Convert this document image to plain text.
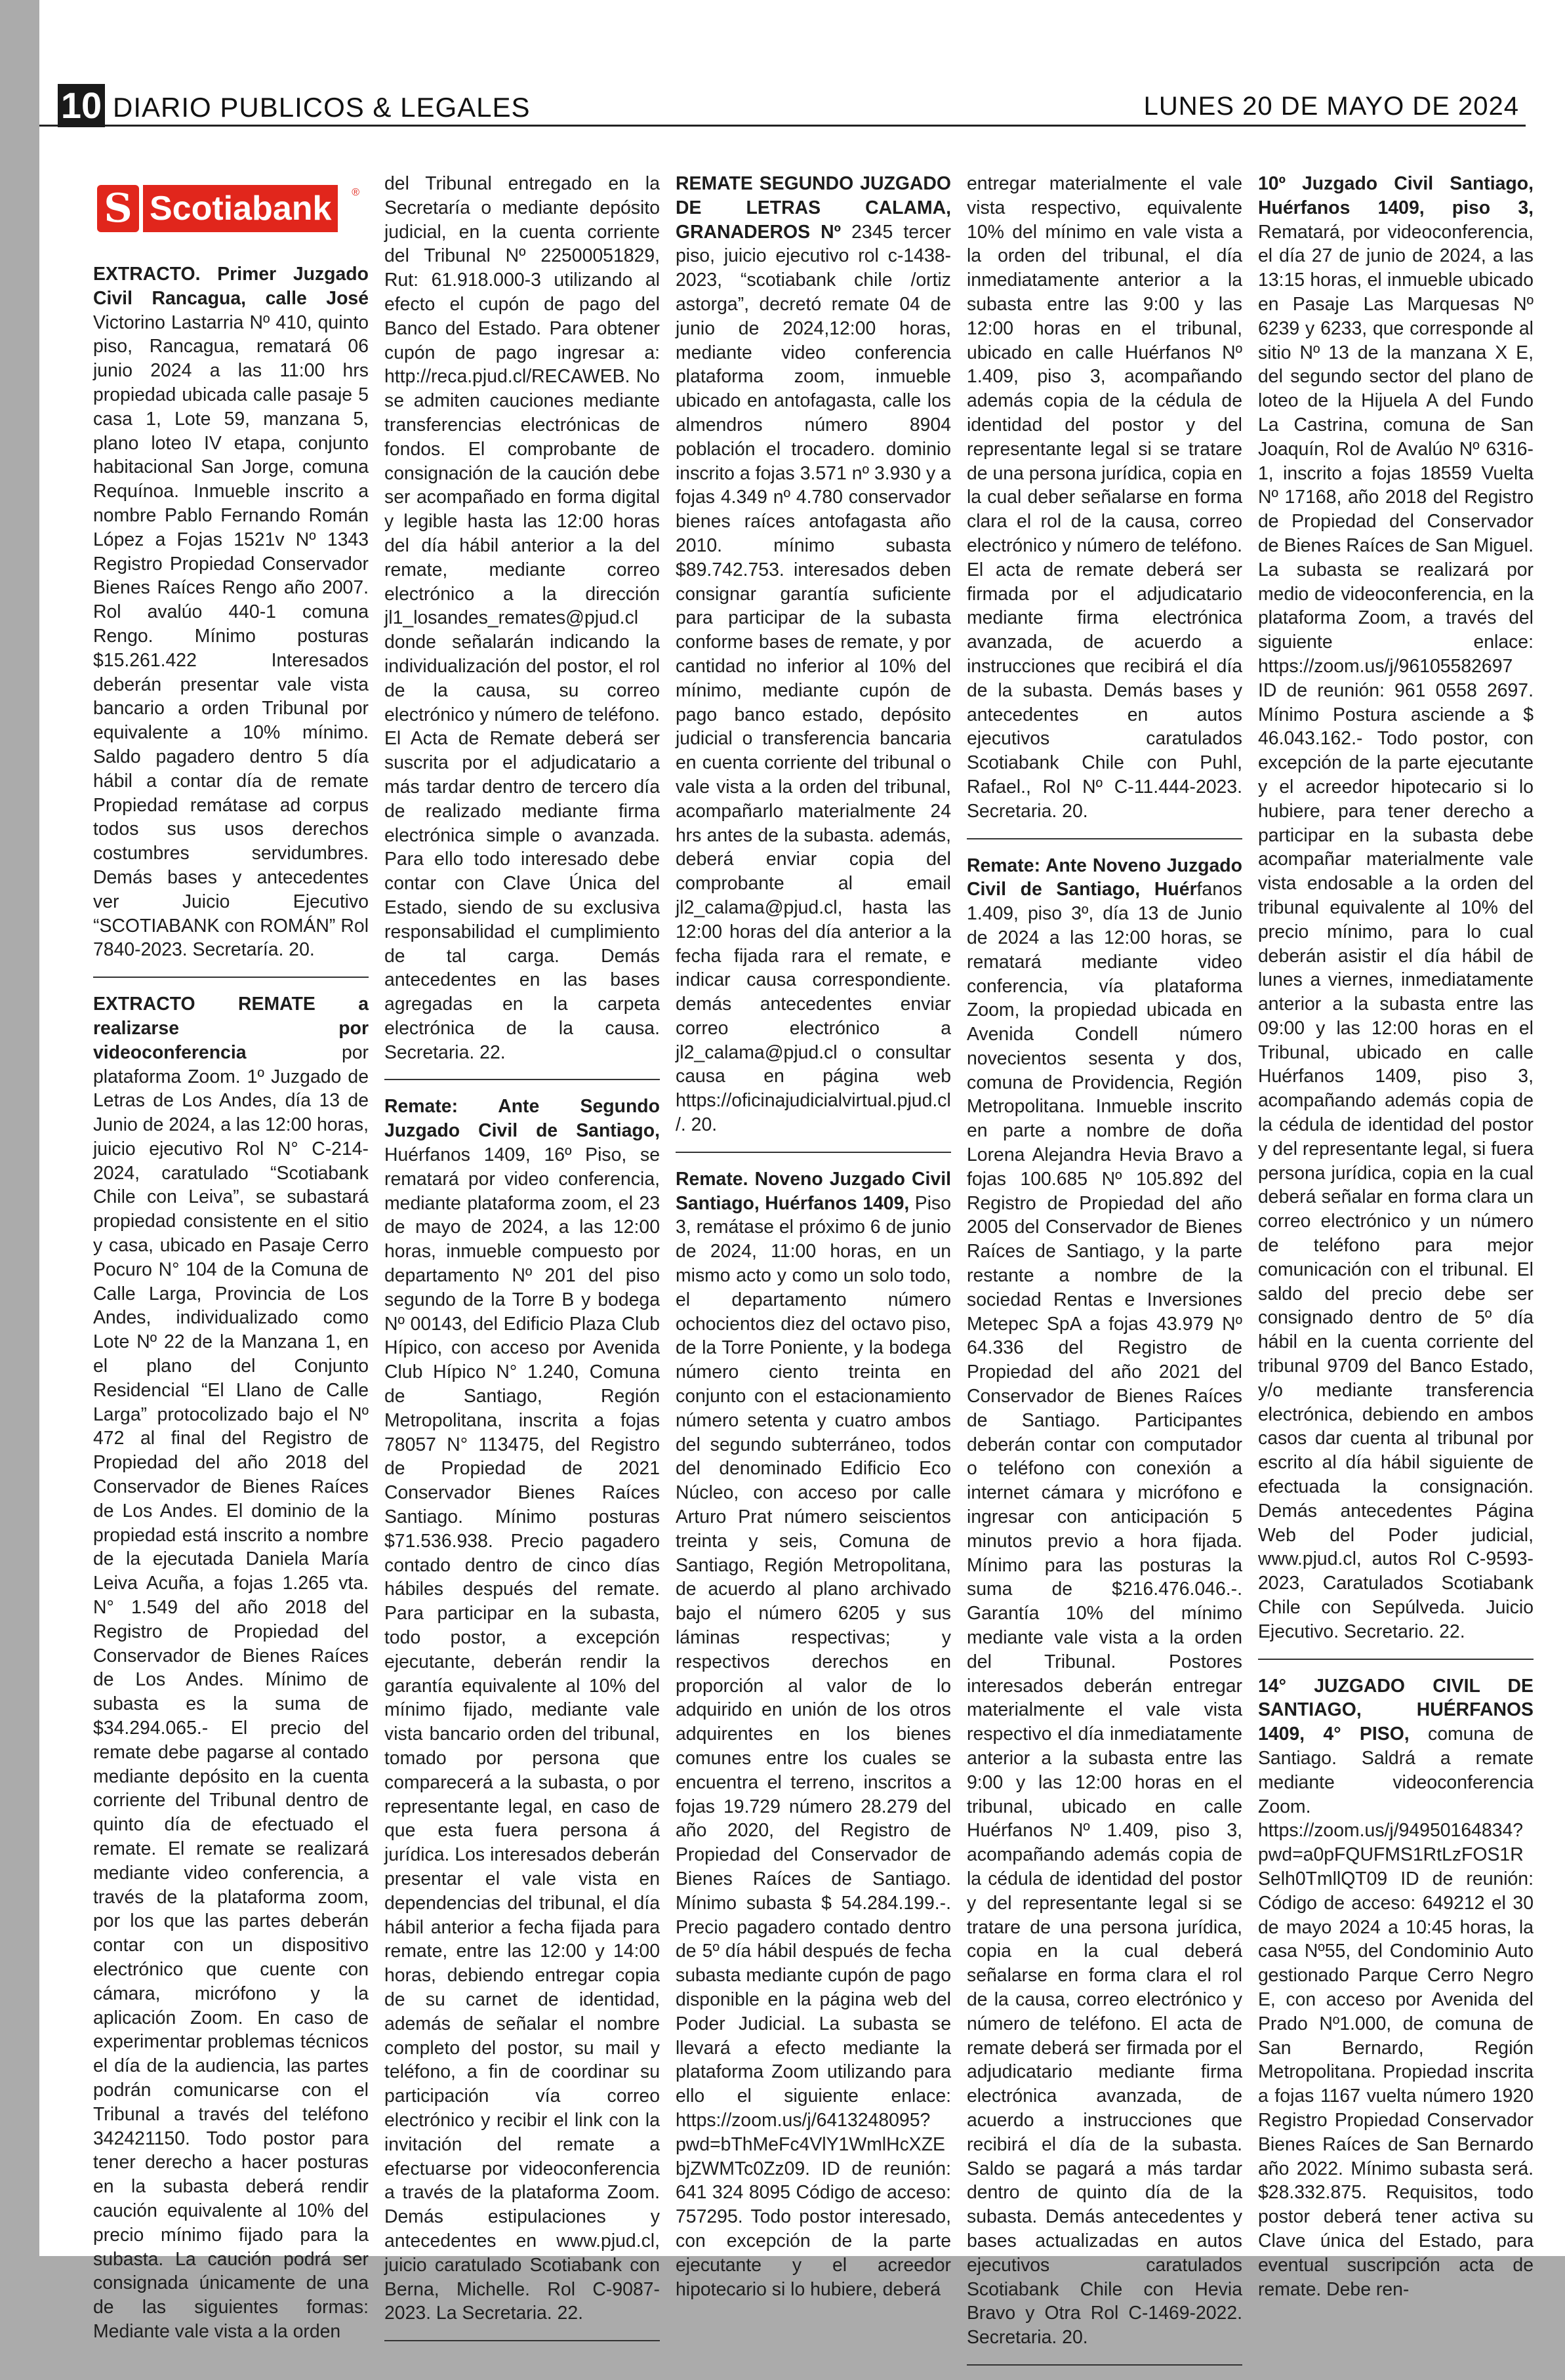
10 DIARIO PUBLICOS & LEGALES	LUNES 20 DE MAYO DE 2024
S Scotiabank	®

EXTRACTO. Primer Juzgado Civil Rancagua, calle José Victorino Lastarria Nº 410, quinto piso, Rancagua, rematará 06 junio 2024 a las 11:00 hrs propiedad ubicada calle pasaje 5 casa 1, Lote 59, manzana 5, plano loteo IV etapa, conjunto habitacional San Jorge, comuna Requínoa. Inmueble inscrito a nombre Pablo Fernando Román López a Fojas 1521v Nº 1343 Registro Propiedad Conservador Bienes Raíces Rengo año 2007. Rol avalúo 440-1 comuna Rengo. Mínimo posturas $15.261.422 Interesados deberán presentar vale vista bancario a orden Tribunal por equivalente a 10% mínimo. Saldo pagadero dentro 5 día hábil a contar día de remate Propiedad remátase ad corpus todos sus usos derechos costumbres servidumbres. Demás bases y antecedentes ver Juicio Ejecutivo “SCOTIABANK con ROMÁN” Rol 7840-2023. Secretaría. 20.

EXTRACTO REMATE a realizarse por videoconferencia por plataforma Zoom. 1º Juzgado de Letras de Los Andes, día 13 de Junio de 2024, a las 12:00 horas, juicio ejecutivo Rol N° C-214-2024, caratulado “Scotiabank Chile con Leiva”, se subastará propiedad consistente en el sitio y casa, ubicado en Pasaje Cerro Pocuro N° 104 de la Comuna de Calle Larga, Provincia de Los Andes, individualizado como Lote Nº 22 de la Manzana 1, en el plano del Conjunto Residencial “El Llano de Calle Larga” protocolizado bajo el Nº 472 al final del Registro de Propiedad del año 2018 del Conservador de Bienes Raíces de Los Andes. El dominio de la propiedad está inscrito a nombre de la ejecutada Daniela María Leiva Acuña, a fojas 1.265 vta. N° 1.549 del año 2018 del Registro de Propiedad del Conservador de Bienes Raíces de Los Andes. Mínimo de subasta es la suma de $34.294.065.- El precio del remate debe pagarse al contado mediante depósito en la cuenta corriente del Tribunal dentro de quinto día de efectuado el remate. El remate se realizará mediante video conferencia, a través de la plataforma zoom, por los que las partes deberán contar con un dispositivo electrónico que cuente con cámara, micrófono y la aplicación Zoom. En caso de experimentar problemas técnicos el día de la audiencia, las partes podrán comunicarse con el Tribunal a través del teléfono 342421150. Todo postor para tener derecho a hacer posturas en la subasta deberá rendir caución equivalente al 10% del precio mínimo fijado para la subasta. La caución podrá ser consignada únicamente de una de las siguientes formas: Mediante vale vista a la orden

del Tribunal entregado en la Secretaría o mediante depósito judicial, en la cuenta corriente del Tribunal Nº 22500051829, Rut: 61.918.000-3 utilizando al efecto el cupón de pago del Banco del Estado. Para obtener cupón de pago ingresar a: http://reca.pjud.cl/RECAWEB. No se admiten cauciones mediante transferencias electrónicas de fondos. El comprobante de consignación de la caución debe ser acompañado en forma digital y legible hasta las 12:00 horas del día hábil anterior a la del remate, mediante correo electrónico a la dirección jl1_losandes_remates@pjud.cl donde señalarán indicando la individualización del postor, el rol de la causa, su correo electrónico y número de teléfono. El Acta de Remate deberá ser suscrita por el adjudicatario a más tardar dentro de tercero día de realizado mediante firma electrónica simple o avanzada. Para ello todo interesado debe contar con Clave Única del Estado, siendo de su exclusiva responsabilidad el cumplimiento de tal carga. Demás antecedentes en las bases agregadas en la carpeta electrónica de la causa. Secretaria. 22.

Remate: Ante Segundo Juzgado Civil de Santiago, Huérfanos 1409, 16º Piso, se rematará por video conferencia, mediante plataforma zoom, el 23 de mayo de 2024, a las 12:00 horas, inmueble compuesto por departamento Nº 201 del piso segundo de la Torre B y bodega Nº 00143, del Edificio Plaza Club Hípico, con acceso por Avenida Club Hípico N° 1.240, Comuna de Santiago, Región Metropolitana, inscrita a fojas 78057 N° 113475, del Registro de Propiedad de 2021 Conservador Bienes Raíces Santiago. Mínimo posturas $71.536.938. Precio pagadero contado dentro de cinco días hábiles después del remate. Para participar en la subasta, todo postor, a excepción ejecutante, deberán rendir la garantía equivalente al 10% del mínimo fijado, mediante vale vista bancario orden del tribunal, tomado por persona que comparecerá a la subasta, o por representante legal, en caso de que esta fuera persona á jurídica. Los interesados deberán presentar el vale vista en dependencias del tribunal, el día hábil anterior a fecha fijada para remate, entre las 12:00 y 14:00 horas, debiendo entregar copia de su carnet de identidad, además de señalar el nombre completo del postor, su mail y teléfono, a fin de coordinar su participación vía correo electrónico y recibir el link con la invitación del remate a efectuarse por videoconferencia a través de la plataforma Zoom. Demás estipulaciones y antecedentes en www.pjud.cl, juicio caratulado Scotiabank con Berna, Michelle. Rol C-9087-2023. La Secretaria. 22.

REMATE SEGUNDO JUZGADO DE LETRAS CALAMA, GRANADEROS Nº 2345 tercer piso, juicio ejecutivo rol c-1438-2023, “scotiabank chile /ortiz astorga”, decretó remate 04 de junio de 2024,12:00 horas, mediante video conferencia plataforma zoom, inmueble ubicado en antofagasta, calle los almendros número 8904 población el trocadero. dominio inscrito a fojas 3.571 nº 3.930 y a fojas 4.349 nº 4.780 conservador bienes raíces antofagasta año 2010. mínimo subasta $89.742.753. interesados deben consignar garantía suficiente para participar de la subasta conforme bases de remate, y por cantidad no inferior al 10% del mínimo, mediante cupón de pago banco estado, depósito judicial o transferencia bancaria en cuenta corriente del tribunal o vale vista a la orden del tribunal, acompañarlo materialmente 24 hrs antes de la subasta. además, deberá enviar copia del comprobante al email jl2_calama@pjud.cl, hasta las 12:00 horas del día anterior a la fecha fijada rara el remate, e indicar causa correspondiente. demás antecedentes enviar correo electrónico a jl2_calama@pjud.cl o consultar causa en página web https://oficinajudicialvirtual.pjud.cl/. 20.

Remate. Noveno Juzgado Civil Santiago, Huérfanos 1409, Piso 3, remátase el próximo 6 de junio de 2024, 11:00 horas, en un mismo acto y como un solo todo, el departamento número ochocientos diez del octavo piso, de la Torre Poniente, y la bodega número ciento treinta en conjunto con el estacionamiento número setenta y cuatro ambos del segundo subterráneo, todos del denominado Edificio Eco Núcleo, con acceso por calle Arturo Prat número seiscientos treinta y seis, Comuna de Santiago, Región Metropolitana, de acuerdo al plano archivado bajo el número 6205 y sus láminas respectivas; y respectivos derechos en proporción al valor de lo adquirido en unión de los otros adquirentes en los bienes comunes entre los cuales se encuentra el terreno, inscritos a fojas 19.729 número 28.279 del año 2020, del Registro de Propiedad del Conservador de Bienes Raíces de Santiago. Mínimo subasta $ 54.284.199.-. Precio pagadero contado dentro de 5º día hábil después de fecha subasta mediante cupón de pago disponible en la página web del Poder Judicial. La subasta se llevará a efecto mediante la plataforma Zoom utilizando para ello el siguiente enlace: https://zoom.us/j/6413248095?pwd=bThMeFc4VlY1WmlHcXZEbjZWMTc0Zz09. ID de reunión: 641 324 8095 Código de acceso: 757295. Todo postor interesado, con excepción de la parte ejecutante y el acreedor hipotecario si lo hubiere, deberá

entregar materialmente el vale vista respectivo, equivalente 10% del mínimo en vale vista a la orden del tribunal, el día inmediatamente anterior a la subasta entre las 9:00 y las 12:00 horas en el tribunal, ubicado en calle Huérfanos Nº 1.409, piso 3, acompañando además copia de la cédula de identidad del postor y del representante legal si se tratare de una persona jurídica, copia en la cual deber señalarse en forma clara el rol de la causa, correo electrónico y número de teléfono. El acta de remate deberá ser firmada por el adjudicatario mediante firma electrónica avanzada, de acuerdo a instrucciones que recibirá el día de la subasta. Demás bases y antecedentes en autos ejecutivos caratulados Scotiabank Chile con Puhl, Rafael., Rol Nº C-11.444-2023. Secretaria. 20.

Remate: Ante Noveno Juzgado Civil de Santiago, Huérfanos 1.409, piso 3º, día 13 de Junio de 2024 a las 12:00 horas, se rematará mediante video conferencia, vía plataforma Zoom, la propiedad ubicada en Avenida Condell número novecientos sesenta y dos, comuna de Providencia, Región Metropolitana. Inmueble inscrito en parte a nombre de doña Lorena Alejandra Hevia Bravo a fojas 100.685 Nº 105.892 del Registro de Propiedad del año 2005 del Conservador de Bienes Raíces de Santiago, y la parte restante a nombre de la sociedad Rentas e Inversiones Metepec SpA a fojas 43.979 Nº 64.336 del Registro de Propiedad del año 2021 del Conservador de Bienes Raíces de Santiago. Participantes deberán contar con computador o teléfono con conexión a internet cámara y micrófono e ingresar con anticipación 5 minutos previo a hora fijada. Mínimo para las posturas la suma de $216.476.046.-. Garantía 10% del mínimo mediante vale vista a la orden del Tribunal. Postores interesados deberán entregar materialmente el vale vista respectivo el día inmediatamente anterior a la subasta entre las 9:00 y las 12:00 horas en el tribunal, ubicado en calle Huérfanos Nº 1.409, piso 3, acompañando además copia de la cédula de identidad del postor y del representante legal si se tratare de una persona jurídica, copia en la cual deberá señalarse en forma clara el rol de la causa, correo electrónico y número de teléfono. El acta de remate deberá ser firmada por el adjudicatario mediante firma electrónica avanzada, de acuerdo a instrucciones que recibirá el día de la subasta. Saldo se pagará a más tardar dentro de quinto día de la subasta. Demás antecedentes y bases actualizadas en autos ejecutivos caratulados Scotiabank Chile con Hevia Bravo y Otra Rol C-1469-2022. Secretaria. 20.

10º Juzgado Civil Santiago, Huérfanos 1409, piso 3, Rematará, por videoconferencia, el día 27 de junio de 2024, a las 13:15 horas, el inmueble ubicado en Pasaje Las Marquesas Nº 6239 y 6233, que corresponde al sitio Nº 13 de la manzana X E, del segundo sector del plano de loteo de la Hijuela A del Fundo La Castrina, comuna de San Joaquín, Rol de Avalúo Nº 6316-1, inscrito a fojas 18559 Vuelta Nº 17168, año 2018 del Registro de Propiedad del Conservador de Bienes Raíces de San Miguel. La subasta se realizará por medio de videoconferencia, en la plataforma Zoom, a través del siguiente enlace: https://zoom.us/j/96105582697 ID de reunión: 961 0558 2697. Mínimo Postura asciende a $ 46.043.162.- Todo postor, con excepción de la parte ejecutante y el acreedor hipotecario si lo hubiere, para tener derecho a participar en la subasta debe acompañar materialmente vale vista endosable a la orden del tribunal equivalente al 10% del precio mínimo, para lo cual deberán asistir el día hábil de lunes a viernes, inmediatamente anterior a la subasta entre las 09:00 y las 12:00 horas en el Tribunal, ubicado en calle Huérfanos 1409, piso 3, acompañando además copia de la cédula de identidad del postor y del representante legal, si fuera persona jurídica, copia en la cual deberá señalar en forma clara un correo electrónico y un número de teléfono para mejor comunicación con el tribunal. El saldo del precio debe ser consignado dentro de 5º día hábil en la cuenta corriente del tribunal 9709 del Banco Estado, y/o mediante transferencia electrónica, debiendo en ambos casos dar cuenta al tribunal por escrito al día hábil siguiente de efectuada la consignación. Demás antecedentes Página Web del Poder judicial, www.pjud.cl, autos Rol C-9593-2023, Caratulados Scotiabank Chile con Sepúlveda. Juicio Ejecutivo. Secretario. 22.

14° JUZGADO CIVIL DE SANTIAGO, HUÉRFANOS 1409, 4° PISO, comuna de Santiago. Saldrá a remate mediante videoconferencia Zoom. https://zoom.us/j/94950164834?pwd=a0pFQUFMS1RtLzFOS1RSelh0TmllQT09 ID de reunión: Código de acceso: 649212 el 30 de mayo 2024 a 10:45 horas, la casa Nº55, del Condominio Auto gestionado Parque Cerro Negro E, con acceso por Avenida del Prado Nº1.000, de comuna de San Bernardo, Región Metropolitana. Propiedad inscrita a fojas 1167 vuelta número 1920 Registro Propiedad Conservador Bienes Raíces de San Bernardo año 2022. Mínimo subasta será. $28.332.875. Requisitos, todo postor deberá tener activa su Clave única del Estado, para eventual suscripción acta de remate. Debe ren-
